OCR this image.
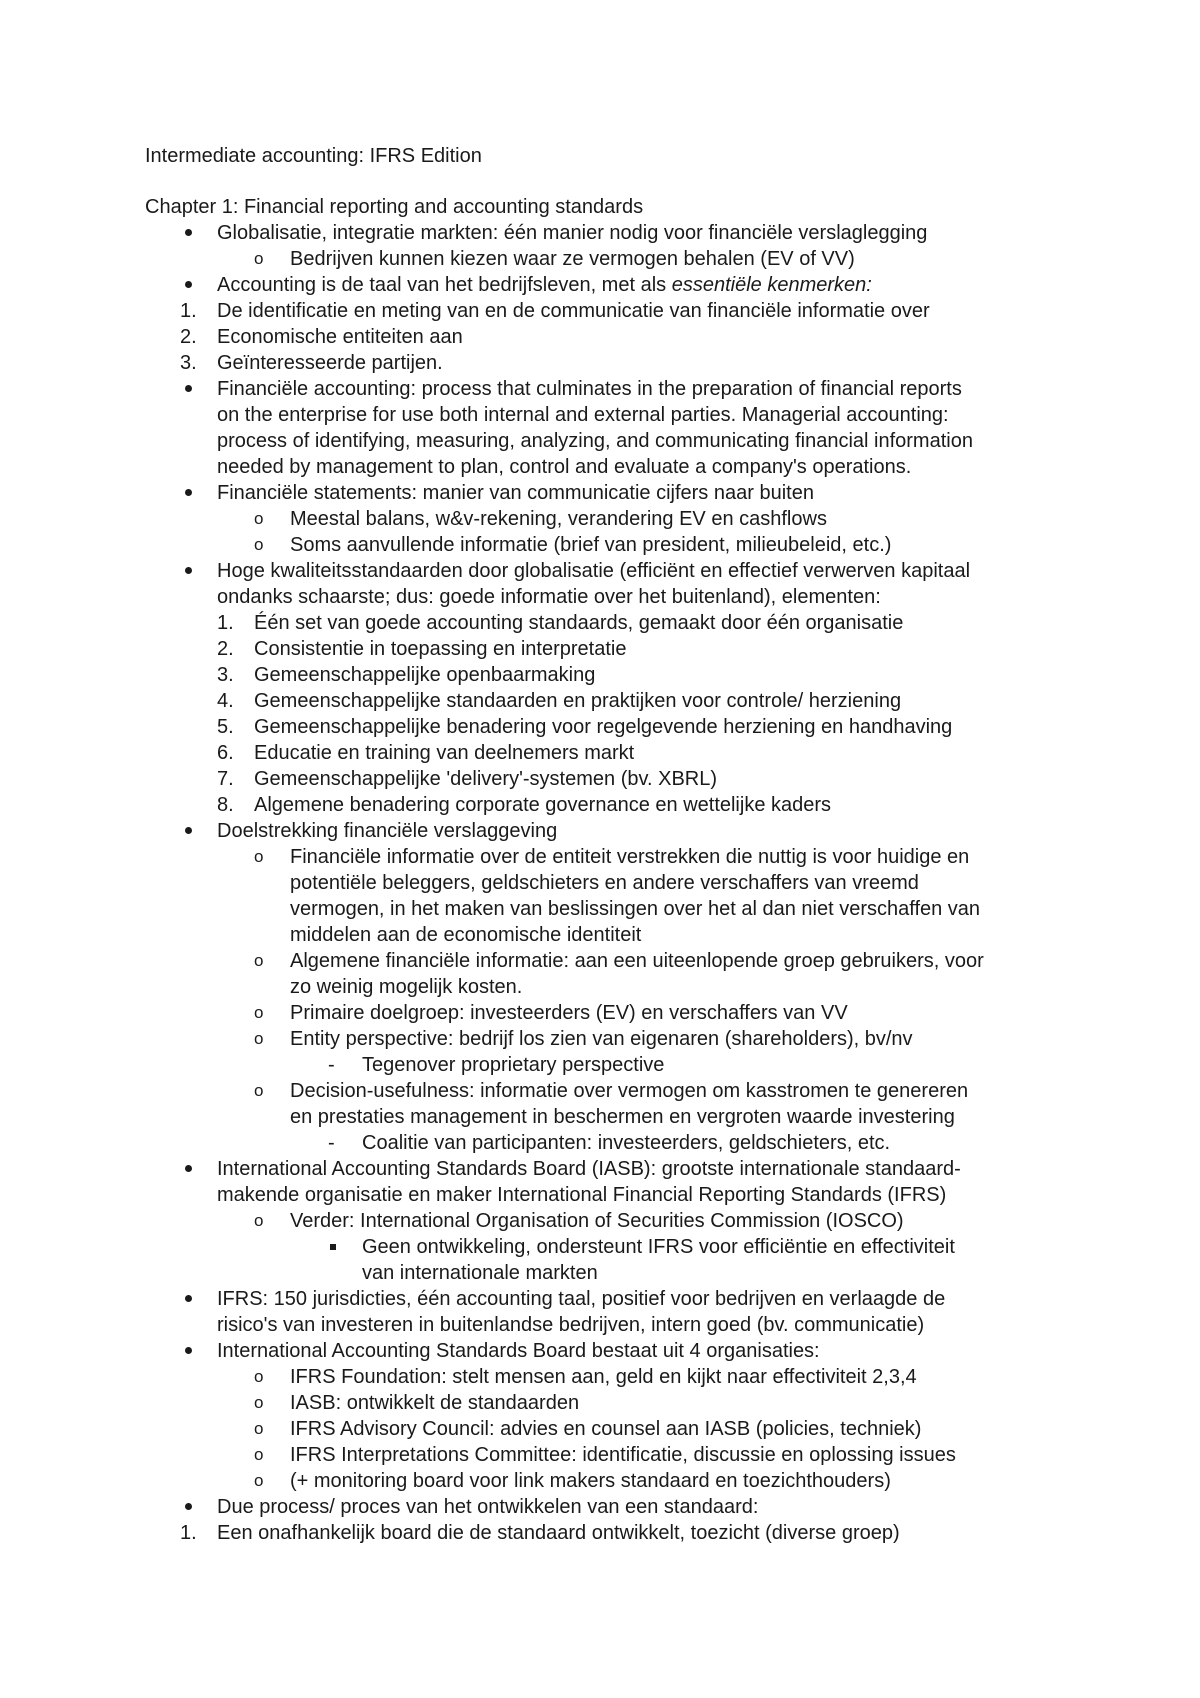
Intermediate accounting: IFRS Edition
Chapter 1: Financial reporting and accounting standards
Globalisatie, integratie markten: één manier nodig voor financiële verslaglegging
o Bedrijven kunnen kiezen waar ze vermogen behalen (EV of VV)
Accounting is de taal van het bedrijfsleven, met als essentiële kenmerken:
1. De identificatie en meting van en de communicatie van financiële informatie over
2. Economische entiteiten aan
3. Geïnteresseerde partijen.
Financiële accounting: process that culminates in the preparation of financial reports
on the enterprise for use both internal and external parties. Managerial accounting:
process of identifying, measuring, analyzing, and communicating financial information
needed by management to plan, control and evaluate a company's operations.
Financiële statements: manier van communicatie cijfers naar buiten
o Meestal balans, w&v-rekening, verandering EV en cashflows
o Soms aanvullende informatie (brief van president, milieubeleid, etc.)
Hoge kwaliteitsstandaarden door globalisatie (efficiënt en effectief verwerven kapitaal
ondanks schaarste; dus: goede informatie over het buitenland), elementen:
1. Één set van goede accounting standaards, gemaakt door één organisatie
2. Consistentie in toepassing en interpretatie
3. Gemeenschappelijke openbaarmaking
4. Gemeenschappelijke standaarden en praktijken voor controle/ herziening
5. Gemeenschappelijke benadering voor regelgevende herziening en handhaving
6. Educatie en training van deelnemers markt
7. Gemeenschappelijke 'delivery'-systemen (bv. XBRL)
8. Algemene benadering corporate governance en wettelijke kaders
Doelstrekking financiële verslaggeving
o Financiële informatie over de entiteit verstrekken die nuttig is voor huidige en
potentiële beleggers, geldschieters en andere verschaffers van vreemd
vermogen, in het maken van beslissingen over het al dan niet verschaffen van
middelen aan de economische identiteit
o Algemene financiële informatie: aan een uiteenlopende groep gebruikers, voor
zo weinig mogelijk kosten.
o Primaire doelgroep: investeerders (EV) en verschaffers van VV
o Entity perspective: bedrijf los zien van eigenaren (shareholders), bv/nv
- Tegenover proprietary perspective
o Decision-usefulness: informatie over vermogen om kasstromen te genereren
en prestaties management in beschermen en vergroten waarde investering
- Coalitie van participanten: investeerders, geldschieters, etc.
International Accounting Standards Board (IASB): grootste internationale standaard-
makende organisatie en maker International Financial Reporting Standards (IFRS)
o Verder: International Organisation of Securities Commission (IOSCO)
Geen ontwikkeling, ondersteunt IFRS voor efficiëntie en effectiviteit
van internationale markten
IFRS: 150 jurisdicties, één accounting taal, positief voor bedrijven en verlaagde de
risico's van investeren in buitenlandse bedrijven, intern goed (bv. communicatie)
International Accounting Standards Board bestaat uit 4 organisaties:
o IFRS Foundation: stelt mensen aan, geld en kijkt naar effectiviteit 2,3,4
o IASB: ontwikkelt de standaarden
o IFRS Advisory Council: advies en counsel aan IASB (policies, techniek)
o IFRS Interpretations Committee: identificatie, discussie en oplossing issues
o (+ monitoring board voor link makers standaard en toezichthouders)
Due process/ proces van het ontwikkelen van een standaard:
1. Een onafhankelijk board die de standaard ontwikkelt, toezicht (diverse groep)
